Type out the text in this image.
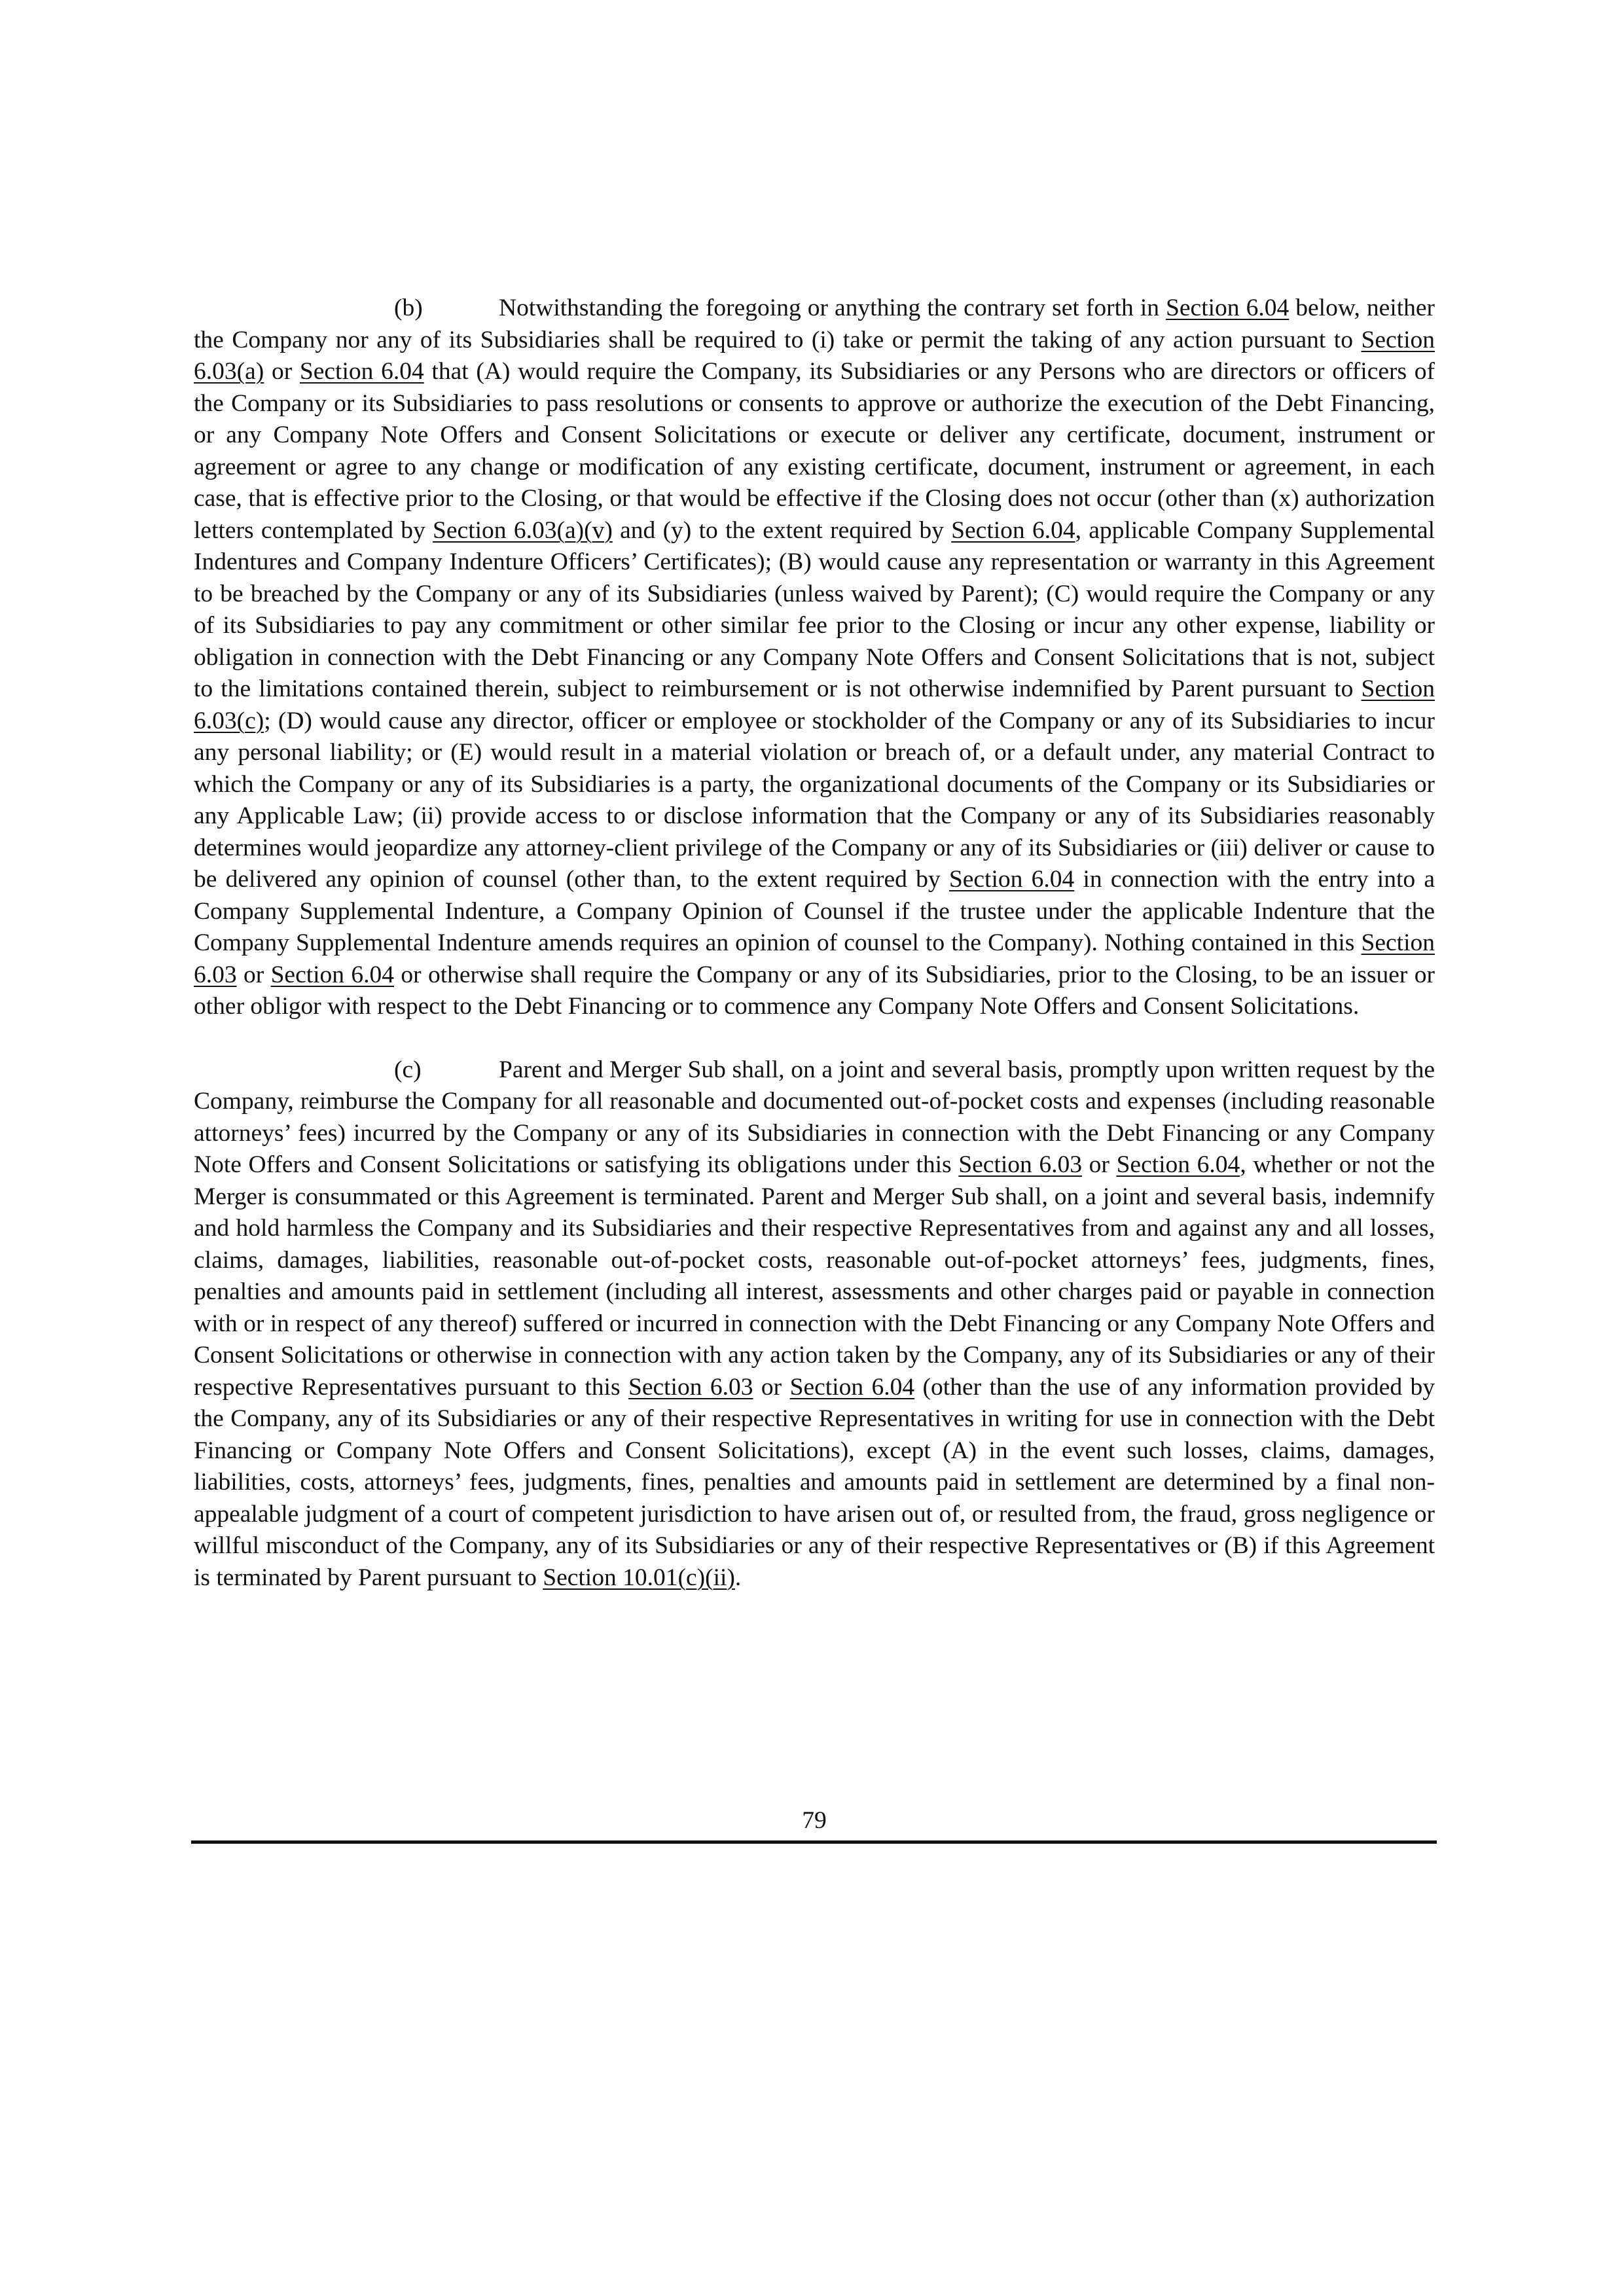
(b)	Notwithstanding the foregoing or anything the contrary set forth in Section 6.04 below, neither the Company nor any of its Subsidiaries shall be required to (i) take or permit the taking of any action pursuant to Section 6.03(a) or Section 6.04 that (A) would require the Company, its Subsidiaries or any Persons who are directors or officers of the Company or its Subsidiaries to pass resolutions or consents to approve or authorize the execution of the Debt Financing, or any Company Note Offers and Consent Solicitations or execute or deliver any certificate, document, instrument or agreement or agree to any change or modification of any existing certificate, document, instrument or agreement, in each case, that is effective prior to the Closing, or that would be effective if the Closing does not occur (other than (x) authorization letters contemplated by Section 6.03(a)(v) and (y) to the extent required by Section 6.04, applicable Company Supplemental Indentures and Company Indenture Officers’ Certificates); (B) would cause any representation or warranty in this Agreement to be breached by the Company or any of its Subsidiaries (unless waived by Parent); (C) would require the Company or any of its Subsidiaries to pay any commitment or other similar fee prior to the Closing or incur any other expense, liability or obligation in connection with the Debt Financing or any Company Note Offers and Consent Solicitations that is not, subject to the limitations contained therein, subject to reimbursement or is not otherwise indemnified by Parent pursuant to Section 6.03(c); (D) would cause any director, officer or employee or stockholder of the Company or any of its Subsidiaries to incur any personal liability; or (E) would result in a material violation or breach of, or a default under, any material Contract to which the Company or any of its Subsidiaries is a party, the organizational documents of the Company or its Subsidiaries or any Applicable Law; (ii) provide access to or disclose information that the Company or any of its Subsidiaries reasonably determines would jeopardize any attorney-client privilege of the Company or any of its Subsidiaries or (iii) deliver or cause to be delivered any opinion of counsel (other than, to the extent required by Section 6.04 in connection with the entry into a Company Supplemental Indenture, a Company Opinion of Counsel if the trustee under the applicable Indenture that the Company Supplemental Indenture amends requires an opinion of counsel to the Company). Nothing contained in this Section 6.03 or Section 6.04 or otherwise shall require the Company or any of its Subsidiaries, prior to the Closing, to be an issuer or other obligor with respect to the Debt Financing or to commence any Company Note Offers and Consent Solicitations.

(c)	Parent and Merger Sub shall, on a joint and several basis, promptly upon written request by the Company, reimburse the Company for all reasonable and documented out-of-pocket costs and expenses (including reasonable attorneys’ fees) incurred by the Company or any of its Subsidiaries in connection with the Debt Financing or any Company Note Offers and Consent Solicitations or satisfying its obligations under this Section 6.03 or Section 6.04, whether or not the Merger is consummated or this Agreement is terminated. Parent and Merger Sub shall, on a joint and several basis, indemnify and hold harmless the Company and its Subsidiaries and their respective Representatives from and against any and all losses, claims, damages, liabilities, reasonable out-of-pocket costs, reasonable out-of-pocket attorneys’ fees, judgments, fines, penalties and amounts paid in settlement (including all interest, assessments and other charges paid or payable in connection with or in respect of any thereof) suffered or incurred in connection with the Debt Financing or any Company Note Offers and Consent Solicitations or otherwise in connection with any action taken by the Company, any of its Subsidiaries or any of their respective Representatives pursuant to this Section 6.03 or Section 6.04 (other than the use of any information provided by the Company, any of its Subsidiaries or any of their respective Representatives in writing for use in connection with the Debt Financing or Company Note Offers and Consent Solicitations), except (A) in the event such losses, claims, damages, liabilities, costs, attorneys’ fees, judgments, fines, penalties and amounts paid in settlement are determined by a final non-appealable judgment of a court of competent jurisdiction to have arisen out of, or resulted from, the fraud, gross negligence or willful misconduct of the Company, any of its Subsidiaries or any of their respective Representatives or (B) if this Agreement is terminated by Parent pursuant to Section 10.01(c)(ii).

79
